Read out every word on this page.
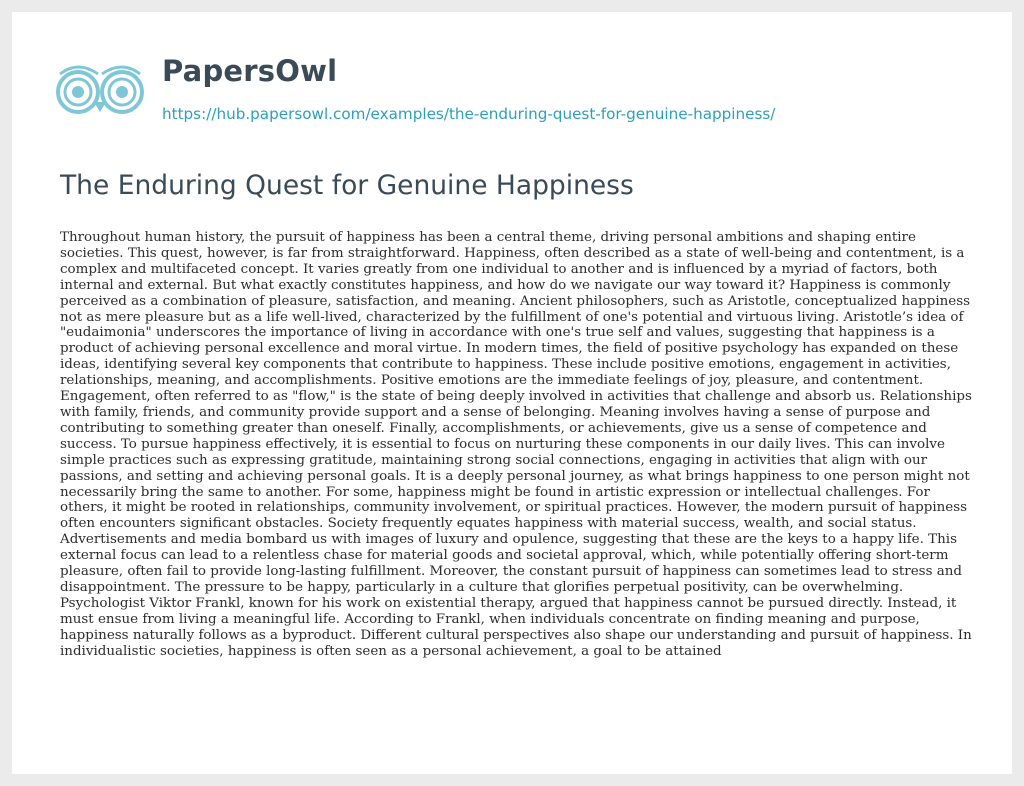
PapersOwl
https://hub.papersowl.com/examples/the-enduring-quest-for-genuine-happiness/
The Enduring Quest for Genuine Happiness

Throughout human history, the pursuit of happiness has been a central theme, driving personal ambitions and shaping entire societies. This quest, however, is far from straightforward. Happiness, often described as a state of well-being and contentment, is a complex and multifaceted concept. It varies greatly from one individual to another and is influenced by a myriad of factors, both internal and external. But what exactly constitutes happiness, and how do we navigate our way toward it? Happiness is commonly perceived as a combination of pleasure, satisfaction, and meaning. Ancient philosophers, such as Aristotle, conceptualized happiness not as mere pleasure but as a life well-lived, characterized by the fulfillment of one's potential and virtuous living. Aristotle’s idea of "eudaimonia" underscores the importance of living in accordance with one's true self and values, suggesting that happiness is a product of achieving personal excellence and moral virtue. In modern times, the field of positive psychology has expanded on these ideas, identifying several key components that contribute to happiness. These include positive emotions, engagement in activities, relationships, meaning, and accomplishments. Positive emotions are the immediate feelings of joy, pleasure, and contentment. Engagement, often referred to as "flow," is the state of being deeply involved in activities that challenge and absorb us. Relationships with family, friends, and community provide support and a sense of belonging. Meaning involves having a sense of purpose and contributing to something greater than oneself. Finally, accomplishments, or achievements, give us a sense of competence and success. To pursue happiness effectively, it is essential to focus on nurturing these components in our daily lives. This can involve simple practices such as expressing gratitude, maintaining strong social connections, engaging in activities that align with our passions, and setting and achieving personal goals. It is a deeply personal journey, as what brings happiness to one person might not necessarily bring the same to another. For some, happiness might be found in artistic expression or intellectual challenges. For others, it might be rooted in relationships, community involvement, or spiritual practices. However, the modern pursuit of happiness often encounters significant obstacles. Society frequently equates happiness with material success, wealth, and social status. Advertisements and media bombard us with images of luxury and opulence, suggesting that these are the keys to a happy life. This external focus can lead to a relentless chase for material goods and societal approval, which, while potentially offering short-term pleasure, often fail to provide long-lasting fulfillment. Moreover, the constant pursuit of happiness can sometimes lead to stress and disappointment. The pressure to be happy, particularly in a culture that glorifies perpetual positivity, can be overwhelming. Psychologist Viktor Frankl, known for his work on existential therapy, argued that happiness cannot be pursued directly. Instead, it must ensue from living a meaningful life. According to Frankl, when individuals concentrate on finding meaning and purpose, happiness naturally follows as a byproduct. Different cultural perspectives also shape our understanding and pursuit of happiness. In individualistic societies, happiness is often seen as a personal achievement, a goal to be attained
